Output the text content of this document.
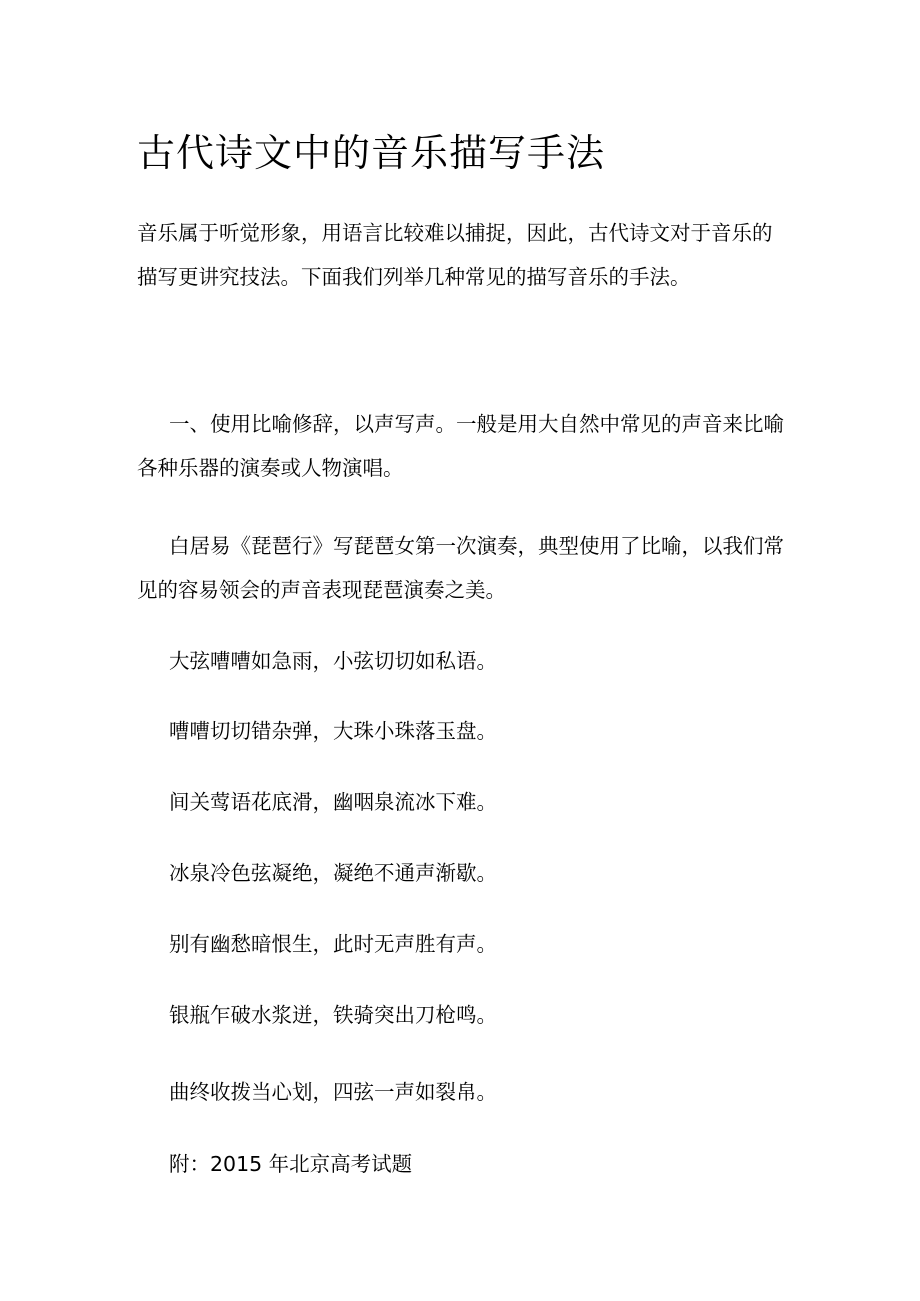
古代诗文中的音乐描写手法

音乐属于听觉形象，用语言比较难以捕捉，因此，古代诗文对于音乐的描写更讲究技法。下面我们列举几种常见的描写音乐的手法。

一、使用比喻修辞，以声写声。一般是用大自然中常见的声音来比喻各种乐器的演奏或人物演唱。

白居易《琵琶行》写琵琶女第一次演奏，典型使用了比喻，以我们常见的容易领会的声音表现琵琶演奏之美。

大弦嘈嘈如急雨，小弦切切如私语。

嘈嘈切切错杂弹，大珠小珠落玉盘。

间关莺语花底滑，幽咽泉流冰下难。

冰泉冷色弦凝绝，凝绝不通声渐歇。

别有幽愁暗恨生，此时无声胜有声。

银瓶乍破水浆迸，铁骑突出刀枪鸣。

曲终收拨当心划，四弦一声如裂帛。

附：2015 年北京高考试题
